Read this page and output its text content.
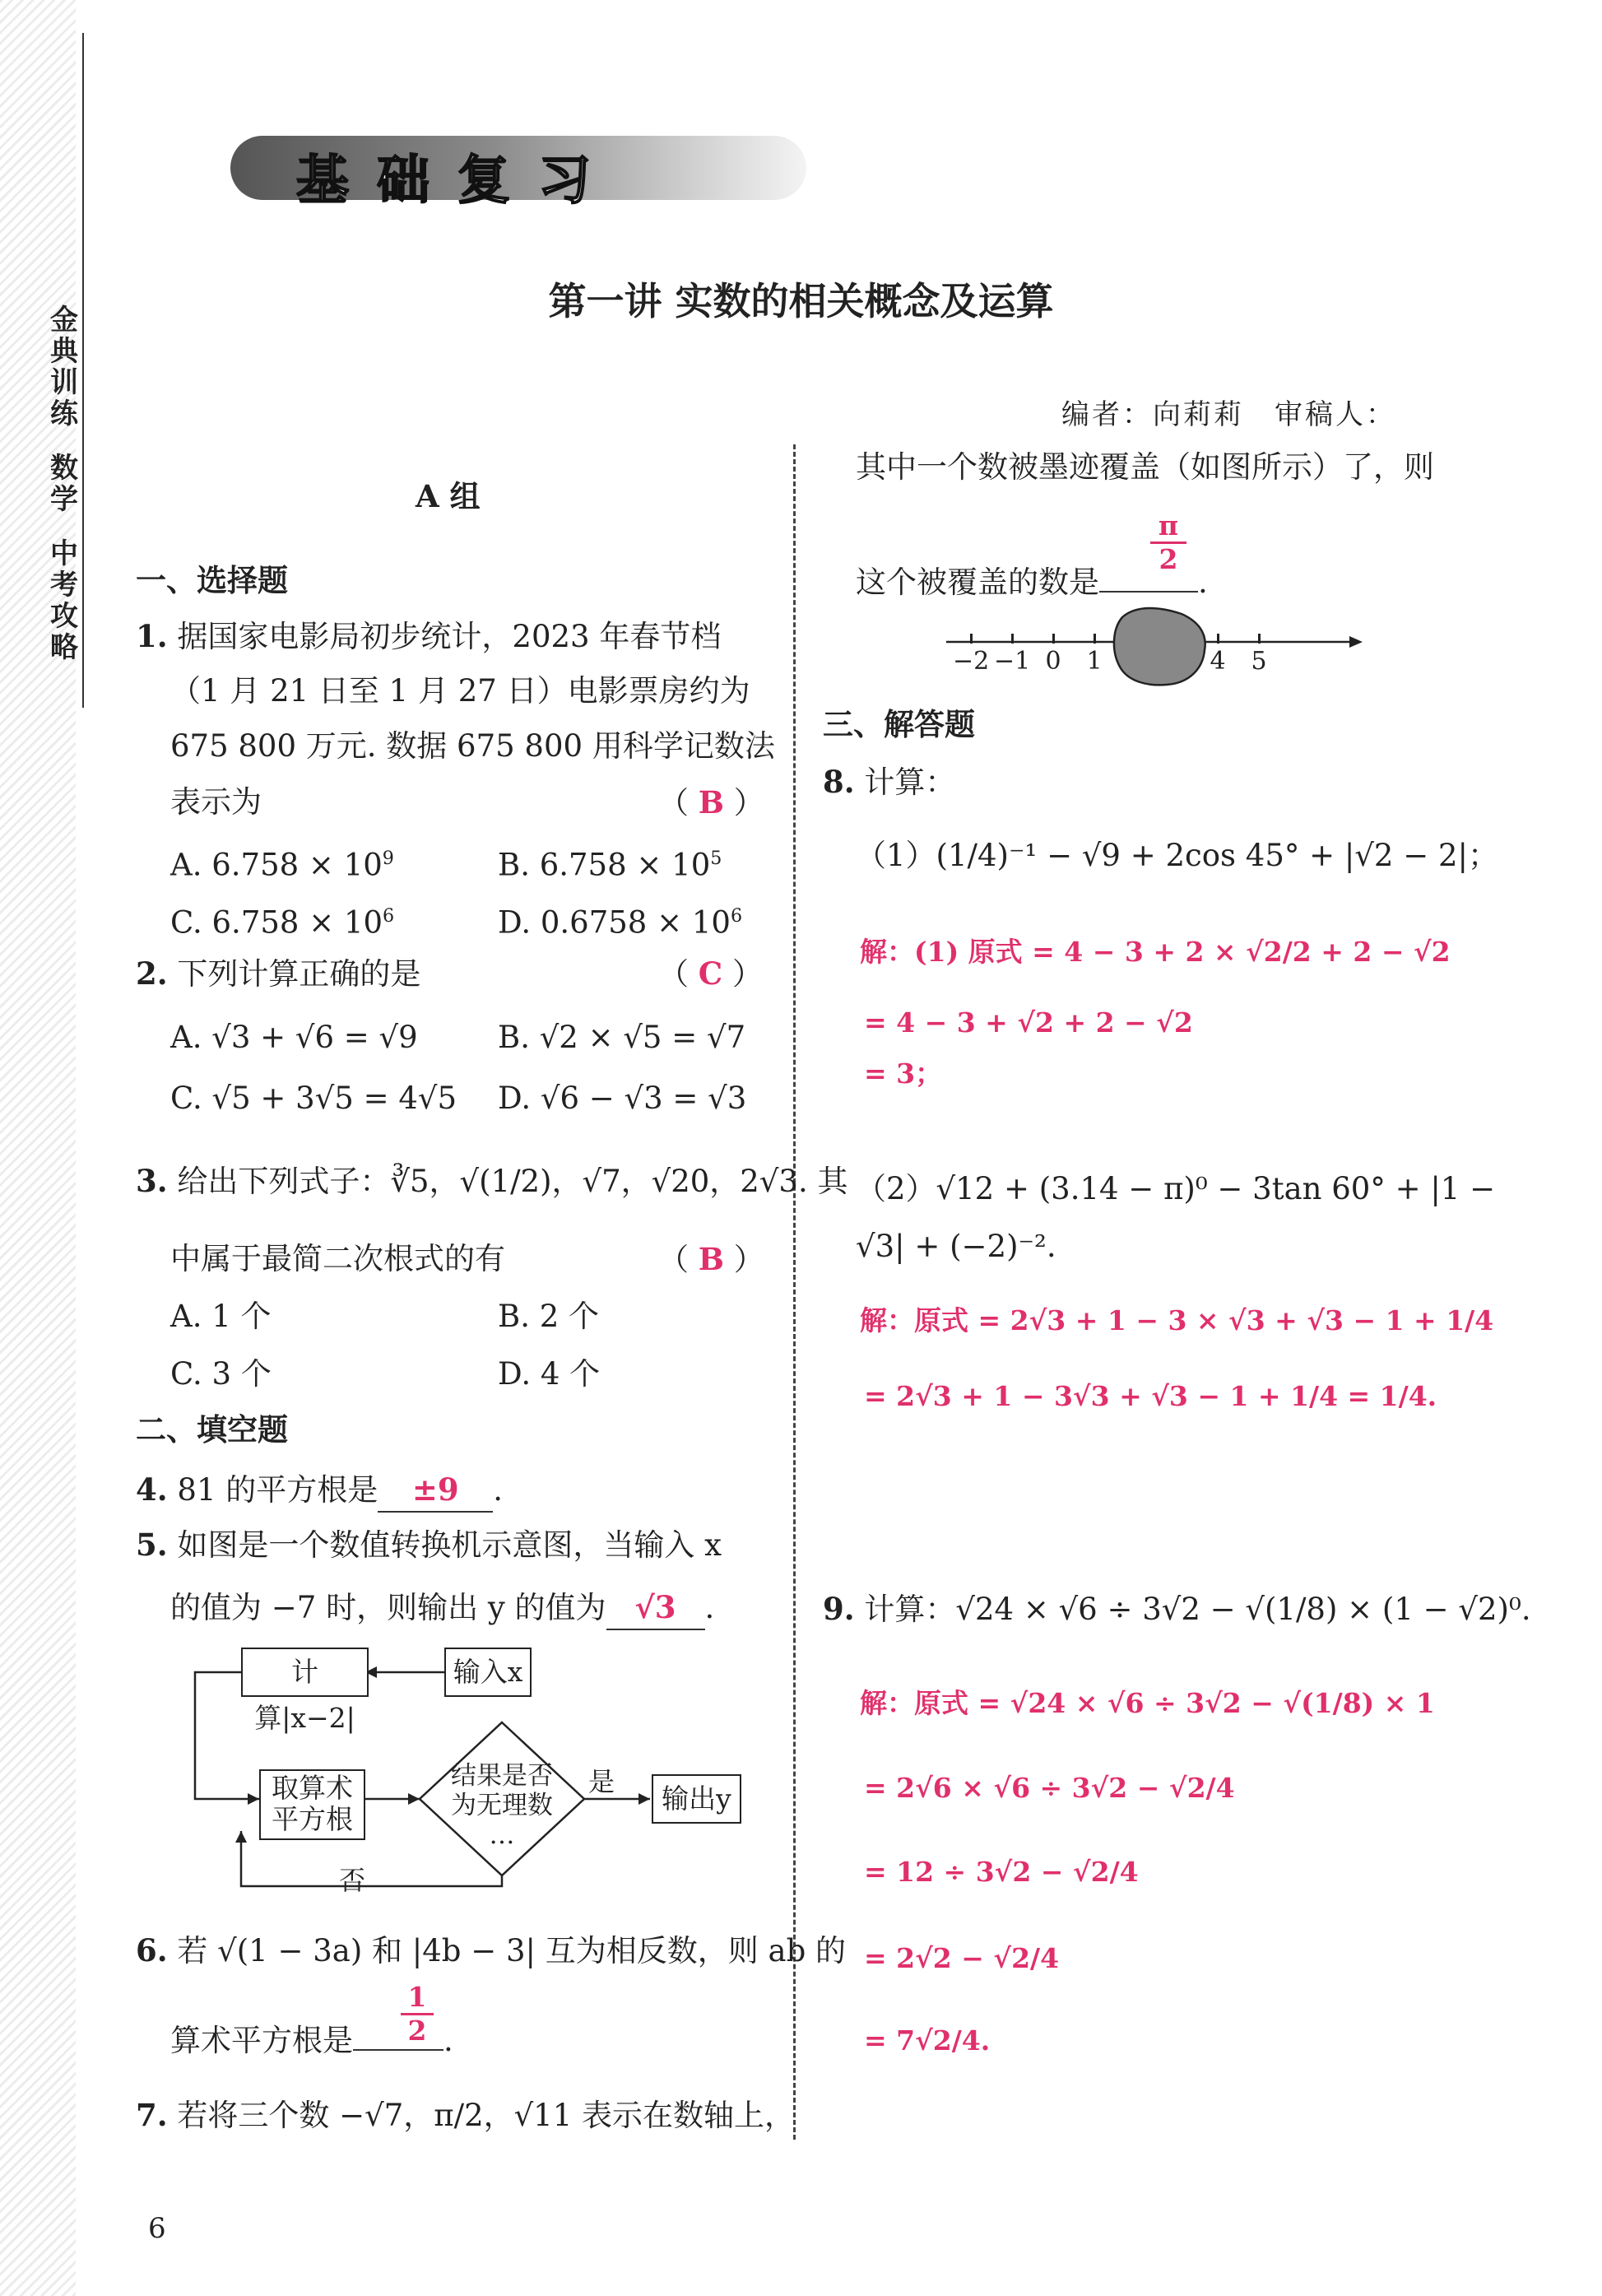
金典训练
数学
中考攻略
基础复习
第一讲 实数的相关概念及运算
编者：向莉莉　审稿人：
A 组
一、选择题
1. 据国家电影局初步统计，2023 年春节档
（1 月 21 日至 1 月 27 日）电影票房约为
675 800 万元. 数据 675 800 用科学记数法
表示为	（ B ）
A. $6.758 \times 10^9$	B. $6.758 \times 10^5$
C. $6.758 \times 10^6$	D. $0.6758 \times 10^6$
2. 下列计算正确的是	（ C ）
A. √3 + √6 = √9	B. √2 × √5 = √7
C. √5 + 3√5 = 4√5 D. √6 − √3 = √3
3. 给出下列式子：∛5，√(1/2)，√7，√20，2√3. 其
中属于最简二次根式的有	（ B ）
A. 1 个	B. 2 个
C. 3 个	D. 4 个
二、填空题
4. 81 的平方根是 ±9 .
5. 如图是一个数值转换机示意图，当输入 x
的值为 −7 时，则输出 y 的值为 √3 .
计算|x−2|
输入x
取算术
平方根
结果是否
为无理数
…
是
输出y
否
6. 若 √(1 − 3a) 和 |4b − 3| 互为相反数，则 ab 的
算术平方根是	.
$\frac{1}{2}$
7. 若将三个数 −√7，π/2，√11 表示在数轴上，
6
其中一个数被墨迹覆盖（如图所示）了，则
这个被覆盖的数是	.
$\frac{\pi}{2}$
−2 −1 0	1	4	5
三、解答题
8. 计算：
（1）(1/4)⁻¹ − √9 + 2cos 45° + |√2 − 2|；
解：(1) 原式 = 4 − 3 + 2 × √2/2 + 2 − √2
= 4 − 3 + √2 + 2 − √2
= 3；
（2）√12 + (3.14 − π)⁰ − 3tan 60° + |1 −
√3| + (−2)⁻².
解：原式 = 2√3 + 1 − 3 × √3 + √3 − 1 + 1/4
= 2√3 + 1 − 3√3 + √3 − 1 + 1/4 = 1/4.
9. 计算：√24 × √6 ÷ 3√2 − √(1/8) × (1 − √2)⁰.
解：原式 = √24 × √6 ÷ 3√2 − √(1/8) × 1
= 2√6 × √6 ÷ 3√2 − √2/4
= 12 ÷ 3√2 − √2/4
= 2√2 − √2/4
= 7√2/4.
